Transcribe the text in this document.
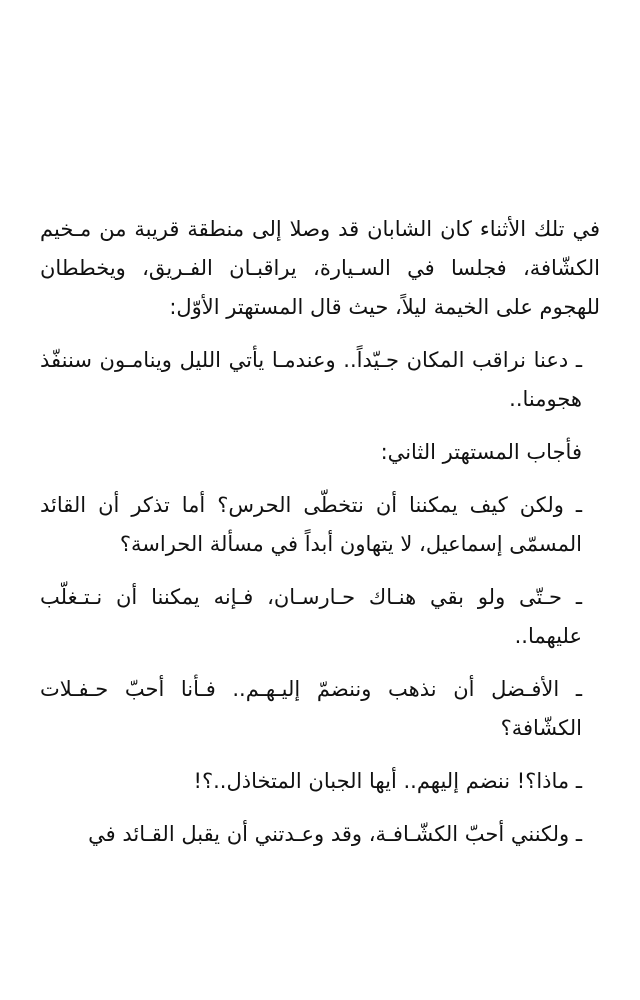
في تلك الأثناء كان الشابان قد وصلا إلى منطقة قريبة من مـخيم الكشّافة، فجلسا في السـيارة، يراقبـان الفـريق، ويخططان للهجوم على الخيمة ليلاً، حيث قال المستهتر الأوّل:

ـ دعنا نراقب المكان جـيّداً.. وعندمـا يأتي الليل وينامـون سننفّذ هجومنا..

فأجاب المستهتر الثاني:

ـ ولكن كيف يمكننا أن نتخطّى الحرس؟ أما تذكر أن القائد المسمّى إسماعيل، لا يتهاون أبداً في مسألة الحراسة؟

ـ حـتّى ولو بقي هنـاك حـارسـان، فـإنه يمكننا أن نـتـغلّب عليهما..

ـ الأفـضل أن نذهب وننضمّ إليـهـم.. فـأنا أحبّ حـفـلات الكشّافة؟

ـ ماذا؟! ننضم إليهم.. أيها الجبان المتخاذل..؟!

ـ ولكنني أحبّ الكشّـافـة، وقد وعـدتني أن يقبل القـائد في
